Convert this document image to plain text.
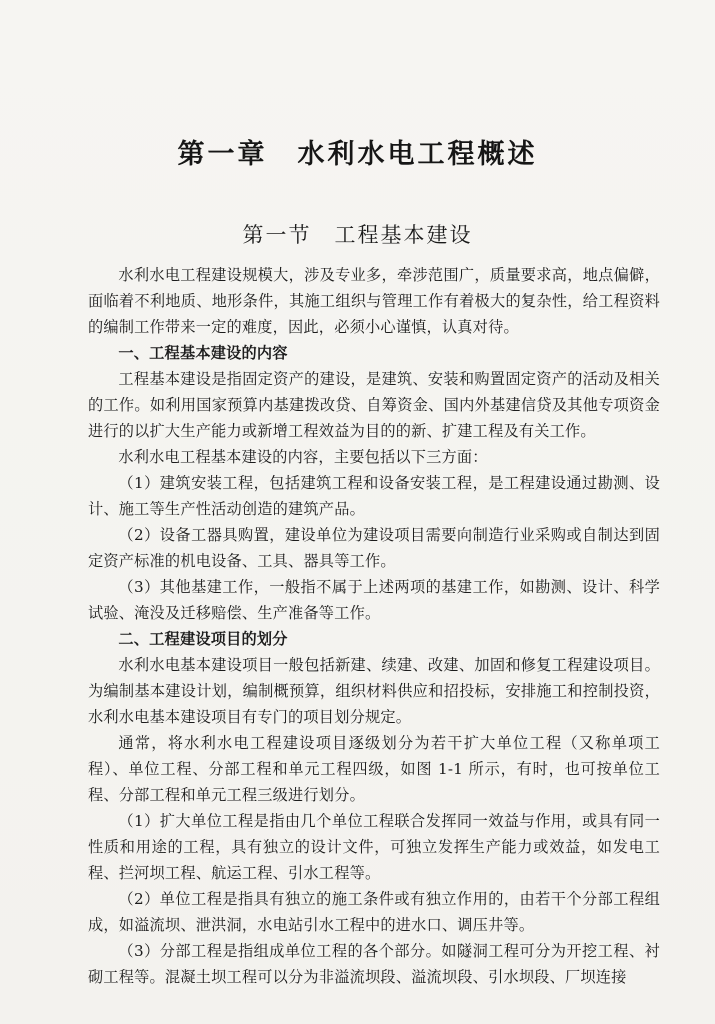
第一章　水利水电工程概述
第一节　工程基本建设

水利水电工程建设规模大，涉及专业多，牵涉范围广，质量要求高，地点偏僻，面临着不利地质、地形条件，其施工组织与管理工作有着极大的复杂性，给工程资料的编制工作带来一定的难度，因此，必须小心谨慎，认真对待。

一、工程基本建设的内容

工程基本建设是指固定资产的建设，是建筑、安装和购置固定资产的活动及相关的工作。如利用国家预算内基建拨改贷、自筹资金、国内外基建信贷及其他专项资金进行的以扩大生产能力或新增工程效益为目的的新、扩建工程及有关工作。

水利水电工程基本建设的内容，主要包括以下三方面：

（1）建筑安装工程，包括建筑工程和设备安装工程，是工程建设通过勘测、设计、施工等生产性活动创造的建筑产品。

（2）设备工器具购置，建设单位为建设项目需要向制造行业采购或自制达到固定资产标准的机电设备、工具、器具等工作。

（3）其他基建工作，一般指不属于上述两项的基建工作，如勘测、设计、科学试验、淹没及迁移赔偿、生产准备等工作。

二、工程建设项目的划分

水利水电基本建设项目一般包括新建、续建、改建、加固和修复工程建设项目。为编制基本建设计划，编制概预算，组织材料供应和招投标，安排施工和控制投资，水利水电基本建设项目有专门的项目划分规定。

通常，将水利水电工程建设项目逐级划分为若干扩大单位工程（又称单项工程）、单位工程、分部工程和单元工程四级，如图 1-1 所示，有时，也可按单位工程、分部工程和单元工程三级进行划分。

（1）扩大单位工程是指由几个单位工程联合发挥同一效益与作用，或具有同一性质和用途的工程，具有独立的设计文件，可独立发挥生产能力或效益，如发电工程、拦河坝工程、航运工程、引水工程等。

（2）单位工程是指具有独立的施工条件或有独立作用的，由若干个分部工程组成，如溢流坝、泄洪洞，水电站引水工程中的进水口、调压井等。

（3）分部工程是指组成单位工程的各个部分。如隧洞工程可分为开挖工程、衬砌工程等。混凝土坝工程可以分为非溢流坝段、溢流坝段、引水坝段、厂坝连接
